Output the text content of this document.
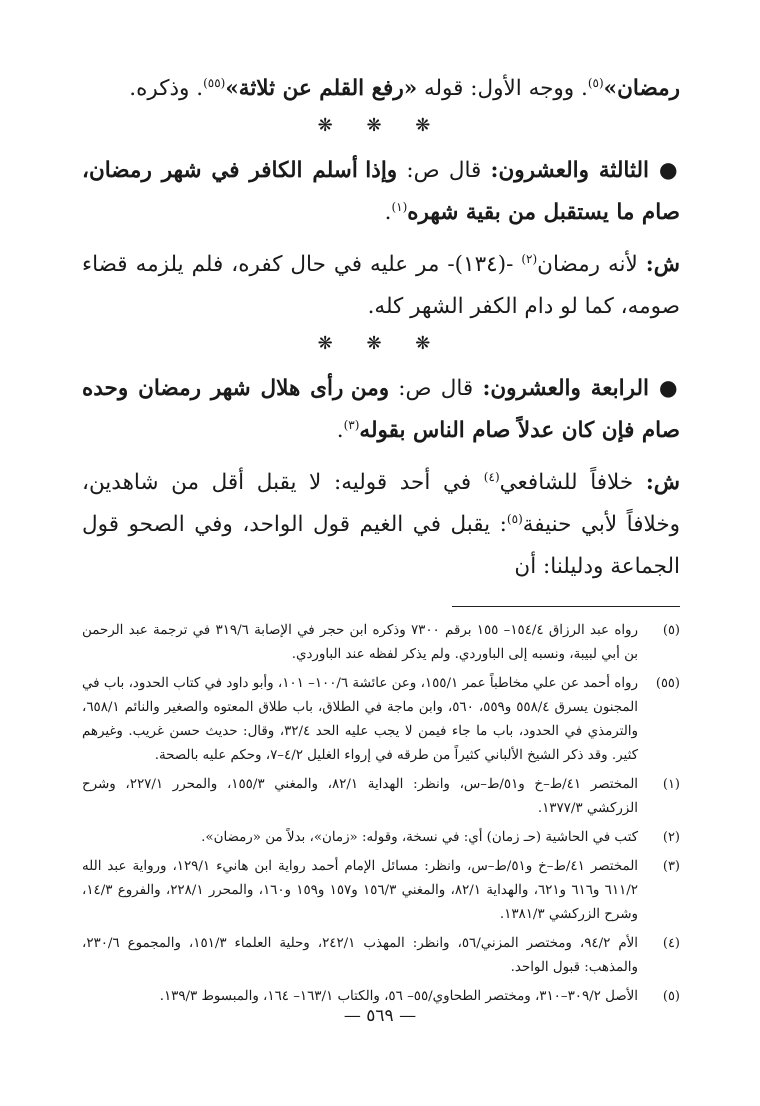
رمضان»$^{(٥)}$. ووجه الأول: قوله «رفع القلم عن ثلاثة»$^{(٥٥)}$. وذكره.

❋ ❋ ❋

● الثالثة والعشرون: قال ص: وإذا أسلم الكافر في شهر رمضان، صام ما يستقبل من بقية شهره$^{(١)}$.

ش: لأنه رمضان$^{(٢)}$ -(١٣٤)- مر عليه في حال كفره، فلم يلزمه قضاء صومه، كما لو دام الكفر الشهر كله.

❋ ❋ ❋

● الرابعة والعشرون: قال ص: ومن رأى هلال شهر رمضان وحده صام فإن كان عدلاً صام الناس بقوله$^{(٣)}$.

ش: خلافاً للشافعي$^{(٤)}$ في أحد قوليه: لا يقبل أقل من شاهدين، وخلافاً لأبي حنيفة$^{(٥)}$: يقبل في الغيم قول الواحد، وفي الصحو قول الجماعة ودليلنا: أن

(٥)
رواه عبد الرزاق ١٥٤/٤– ١٥٥ برقم ٧٣٠٠ وذكره ابن حجر في الإصابة ٣١٩/٦ في ترجمة عبد الرحمن بن أبي لبيبة، ونسبه إلى الباوردي. ولم يذكر لفظه عند الباوردي.
(٥٥)
رواه أحمد عن علي مخاطباً عمر ١٥٥/١، وعن عائشة ١٠٠/٦– ١٠١، وأبو داود في كتاب الحدود، باب في المجنون يسرق ٥٥٨/٤ و٥٥٩، ٥٦٠، وابن ماجة في الطلاق، باب طلاق المعتوه والصغير والنائم ٦٥٨/١، والترمذي في الحدود، باب ما جاء فيمن لا يجب عليه الحد ٣٢/٤، وقال: حديث حسن غريب. وغيرهم كثير. وقد ذكر الشيخ الألباني كثيراً من طرقه في إرواء الغليل ٤/٢–٧، وحكم عليه بالصحة.
(١)
المختصر ٤١/ط–خ و٥١/ط–س، وانظر: الهداية ٨٢/١، والمغني ١٥٥/٣، والمحرر ٢٢٧/١، وشرح الزركشي ١٣٧٧/٣.
(٢)
كتب في الحاشية (حـ زمان) أي: في نسخة، وقوله: «زمان»، بدلاً من «رمضان».
(٣)
المختصر ٤١/ط–خ و٥١/ط–س، وانظر: مسائل الإمام أحمد رواية ابن هانيء ١٢٩/١، ورواية عبد الله ٦١١/٢ و٦١٦ و٦٢١، والهداية ٨٢/١، والمغني ١٥٦/٣ و١٥٧ و١٥٩ و١٦٠، والمحرر ٢٢٨/١، والفروع ١٤/٣، وشرح الزركشي ١٣٨١/٣.
(٤)
الأم ٩٤/٢، ومختصر المزني/٥٦، وانظر: المهذب ٢٤٢/١، وحلية العلماء ١٥١/٣، والمجموع ٢٣٠/٦، والمذهب: قبول الواحد.
(٥)
الأصل ٣٠٩/٢–٣١٠، ومختصر الطحاوي/٥٥– ٥٦، والكتاب ١٦٣/١– ١٦٤، والمبسوط ١٣٩/٣.
— ٥٦٩ —
